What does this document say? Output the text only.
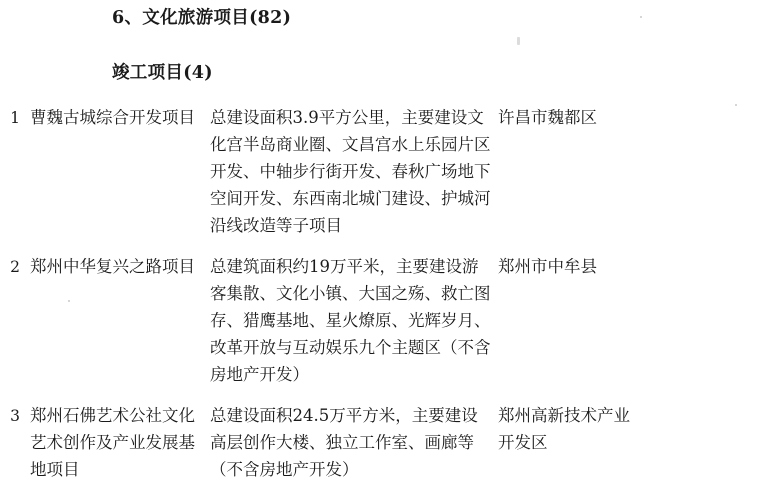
6、文化旅游项目(82)
竣工项目(4)
1 曹魏古城综合开发项目 总建设面积3.9平方公里，主要建设文化宫半岛商业圈、文昌宫水上乐园片区开发、中轴步行街开发、春秋广场地下空间开发、东西南北城门建设、护城河沿线改造等子项目
许昌市魏都区
2 郑州中华复兴之路项目 总建筑面积约19万平米，主要建设游客集散、文化小镇、大国之殇、救亡图存、猎鹰基地、星火燎原、光辉岁月、改革开放与互动娱乐九个主题区（不含房地产开发）
郑州市中牟县
3 郑州石佛艺术公社文化艺术创作及产业发展基地项目
总建设面积24.5万平方米，主要建设高层创作大楼、独立工作室、画廊等（不含房地产开发）
郑州高新技术产业开发区
